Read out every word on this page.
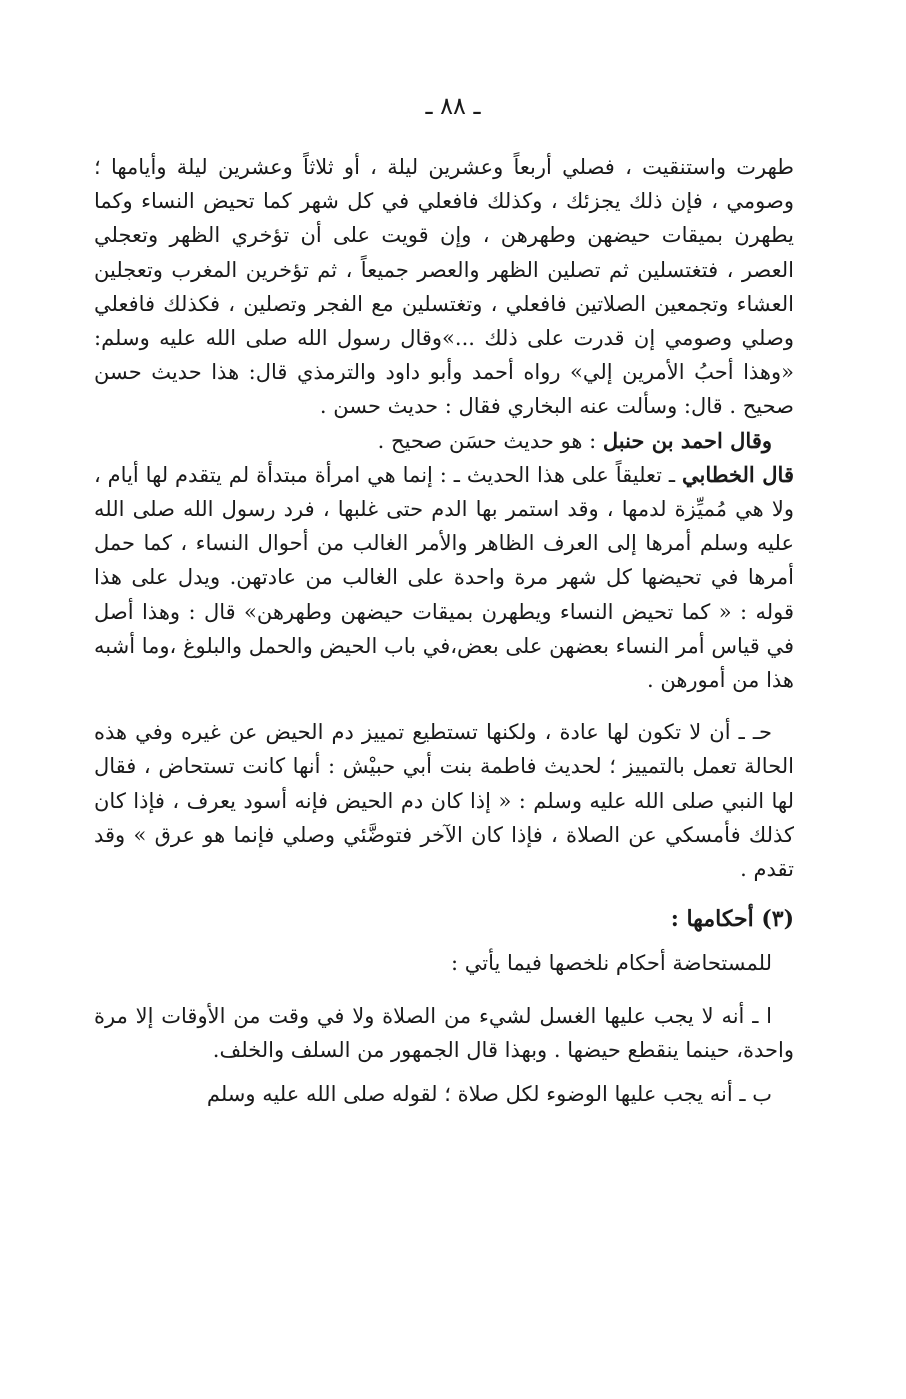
ـ ٨٨ ـ

طهرت واستنقيت ، فصلي أربعاً وعشرين ليلة ، أو ثلاثاً وعشرين ليلة وأيامها ؛ وصومي ، فإن ذلك يجزئك ، وكذلك فافعلي في كل شهر كما تحيض النساء وكما يطهرن بميقات حيضهن وطهرهن ، وإن قويت على أن تؤخري الظهر وتعجلي العصر ، فتغتسلين ثم تصلين الظهر والعصر جميعاً ، ثم تؤخرين المغرب وتعجلين العشاء وتجمعين الصلاتين فافعلي ، وتغتسلين مع الفجر وتصلين ، فكذلك فافعلي وصلي وصومي إن قدرت على ذلك ...»وقال رسول الله صلى الله عليه وسلم: «وهذا أحبُ الأمرين إلي» رواه أحمد وأبو داود والترمذي قال: هذا حديث حسن صحيح . قال: وسألت عنه البخاري فقال : حديث حسن .

وقال احمد بن حنبل : هو حديث حسَن صحيح .

قال الخطابي ـ تعليقاً على هذا الحديث ـ : إنما هي امرأة مبتدأة لم يتقدم لها أيام ، ولا هي مُميِّزة لدمها ، وقد استمر بها الدم حتى غلبها ، فرد رسول الله صلى الله عليه وسلم أمرها إلى العرف الظاهر والأمر الغالب من أحوال النساء ، كما حمل أمرها في تحيضها كل شهر مرة واحدة على الغالب من عادتهن. ويدل على هذا قوله : « كما تحيض النساء ويطهرن بميقات حيضهن وطهرهن» قال : وهذا أصل في قياس أمر النساء بعضهن على بعض،في باب الحيض والحمل والبلوغ ،وما أشبه هذا من أمورهن .

حـ ـ أن لا تكون لها عادة ، ولكنها تستطيع تمييز دم الحيض عن غيره وفي هذه الحالة تعمل بالتمييز ؛ لحديث فاطمة بنت أبي حبيْش : أنها كانت تستحاض ، فقال لها النبي صلى الله عليه وسلم : « إذا كان دم الحيض فإنه أسود يعرف ، فإذا كان كذلك فأمسكي عن الصلاة ، فإذا كان الآخر فتوضَّئي وصلي فإنما هو عرق » وقد تقدم .

(٣) أحكامها :

للمستحاضة أحكام نلخصها فيما يأتي :

ا ـ أنه لا يجب عليها الغسل لشيء من الصلاة ولا في وقت من الأوقات إلا مرة واحدة، حينما ينقطع حيضها . وبهذا قال الجمهور من السلف والخلف.

ب ـ أنه يجب عليها الوضوء لكل صلاة ؛ لقوله صلى الله عليه وسلم
